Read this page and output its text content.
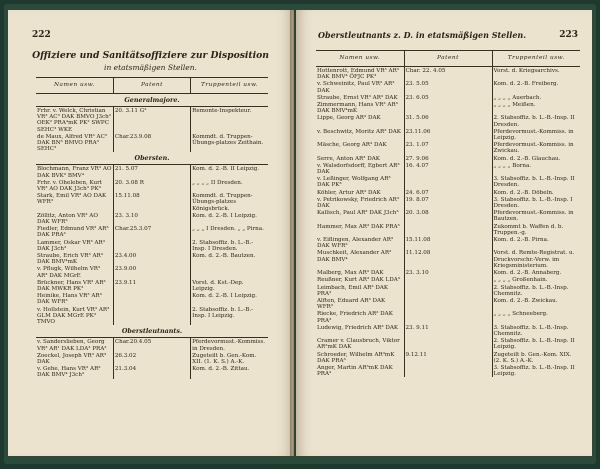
222
Offiziere und Sanitätsoffiziere zur Disposition
in etatsmäßigen Stellen.
Namen usw.	Patent	Truppenteil usw.
Generalmajore.		
Frhr. v. Welck, Christian VR³ AC³ DAK BMVO J3ch² OEK² PRA⁴mK PK² SWPC SEHC³ WKE	20. 3.11 G³	Remonte-Inspekteur.
de Maux, Alfred VR³ AC² DAK BN³ BMVO PRA³ SEHC³	Char.23.9.08	Kommdt. d. Truppen-Übungs-platzes Zeithain.
Obersten.		
Blochmann, Franz VR³ AO DAK BVK³ BMV⁴	21. 5.07	Kom. d. 2.-B. II Leipzig.
Frhr. v. Oheleben, Kurt VR³ AO DAK J3ch³ PK³	20. 3.08 R	„ „ „ „ II Dresden.
Stark, Emil VR³ AO DAK WFR³	15.11.08	Kommdt. d. Truppen-Übungs-platzes Königsbrück.
Zöllitz, Anton VR³ AO DAK WFR³	23. 3.10	Kom. d. 2.-B. I Leipzig.
Fiedler, Edmund VR³ AR³ DAK PRA³	Char.25.3.07	„ „ „ I Dresden. „ „ Pirna.
Lammer, Oskar VR³ AR³ DAK J3ch³		2. Stabsoffiz. b. L.-B.-Insp. I Dresden.
Straube, Erich VR³ AR³ DAK BMV⁴mK	23.4.00	Kom. d. 2.-B. Bautzen.
v. Pflugk, Wilhelm VR³ AR³ DAK MGrE	23.9.00	
Brückner, Hans VR³ AR³ DAK MWKR PK³	23.9.11	Vorst. d. Kst.-Dep. Leipzig.
Heinike, Hans VR³ AR³ DAK WFR³		Kom. d. 2.-B. I Leipzig.
v. Hollstein, Kurt VR³ AR³ GLM DAK MGrE PK³ TMVO		2. Stabsoffiz. b. L.-B.-Insp. I Leipzig.
Oberstleutnants.		
v. Sanderslieben, Georg VR³ AR¹ DAK LDA³ PRA³	Char.20.4.05	Pferdevormust.-Kommiss. in Dresden.
Zoeckel, Joseph VR³ AR³ DAK	26.3.02	Zugeteilt b. Gen.-Kom. XII. (1. K. S.) A.-K.
v. Gehe, Hans VR³ AR³ DAK BMV⁴ J3ch³	21.3.04	Kom. d. 2.-B. Zittau.
Oberstleutnants z. D. in etatsmäßigen Stellen.	223
Namen usw.	Patent	Truppenteil usw.
Hottenrott, Edmund VR³ AR³ DAK BMV⁴ ÖFJC PK³	Char. 22. 4.05	Vorst. d. Kriegsarchivs.
v. Schweinitz, Paul VR³ AR³ DAK	23. 5.05	Kom. d. 2.-B. Freiberg.
Straube, Ernst VR³ AR³ DAK	23. 6.05	„ „ „ „ Auerbach.
Zimmermann, Hans VR³ AR³ DAK BMV⁴mK		„ „ „ „ Meißen.
Lippe, Georg AR³ DAK	31. 5.06	2. Stabsoffiz. b. L.-B.-Insp. II Dresden.
v. Beschwitz, Moritz AR³ DAK	23.11.06	Pferdevormust.-Kommiss. in Leipzig.
Mäsche, Georg AR³ DAK	23. 1.07	Pferdevormust.-Kommiss. in Zwickau.
Serre, Anton AR³ DAK	27. 9.06	Kom. d. 2.-B. Glauchau.
v. Walsdorfsdorff, Egbert AR³ DAK	16. 4.07	„ „ „ „ Borna.
v. Leßinger, Wolfgang AR³ DAK PK³		3. Stabsoffiz. b. L.-B.-Insp. II Dresden.
Köhler, Artur AR³ DAK	24. 6.07	Kom. d. 2.-B. Döbeln.
v. Petrikowsky, Friedrich AR³ DAK	19. 8.07	3. Stabsoffiz. b. L.-B.-Insp. I Dresden.
Kallisch, Paul AR³ DAK J3ch³	20. 3.08	Pferdevormust.-Kommiss. in Bautzen.
Hammer, Max AR³ DAK PRA³		Zukommt b. Waffen d. b. Truppen.-g.
v. Eiflingen, Alexander AR³ DAK WFR³	15.11.08	Kom. d. 2.-B. Pirna.
Muschkeit, Alexander AR³ DAK BMV⁴	11.12.08	Vorst. d. Remte-Registrat. u. Druckvorschr.-Verw. im Kriegsministerium.
Malberg, Max AR³ DAK	23. 3.10	Kom. d. 2.-B. Annaberg.
Reußner, Kurt AR³ DAK LDA³		„ „ „ „ Großenhain.
Leimbach, Emil AR³ DAK PRA³		2. Stabsoffiz. b. L.-B.-Insp. Chemnitz.
Alften, Eduard AR³ DAK WFR³		Kom. d. 2.-B. Zwickau.
Riecke, Friedrich AR³ DAK PRA³		„ „ „ „ Schneeberg.
Ludewig, Friedrich AR³ DAK	23. 9.11	3. Stabsoffiz. b. L.-B.-Insp. Chemnitz.
Cramer v. Clausbruch, Viktor AR³mK DAK		2. Stabsoffiz. b. L.-B.-Insp. II Leipzig.
Schroeder, Wilhelm AR³mK DAK PRA³	9.12.11	Zugeteilt b. Gen.-Kom. XIX. (2. K. S.) A.-K.
Anger, Martin AR³mK DAK PRA³		3. Stabsoffiz. b. L.-B.-Insp. II Leipzig.
